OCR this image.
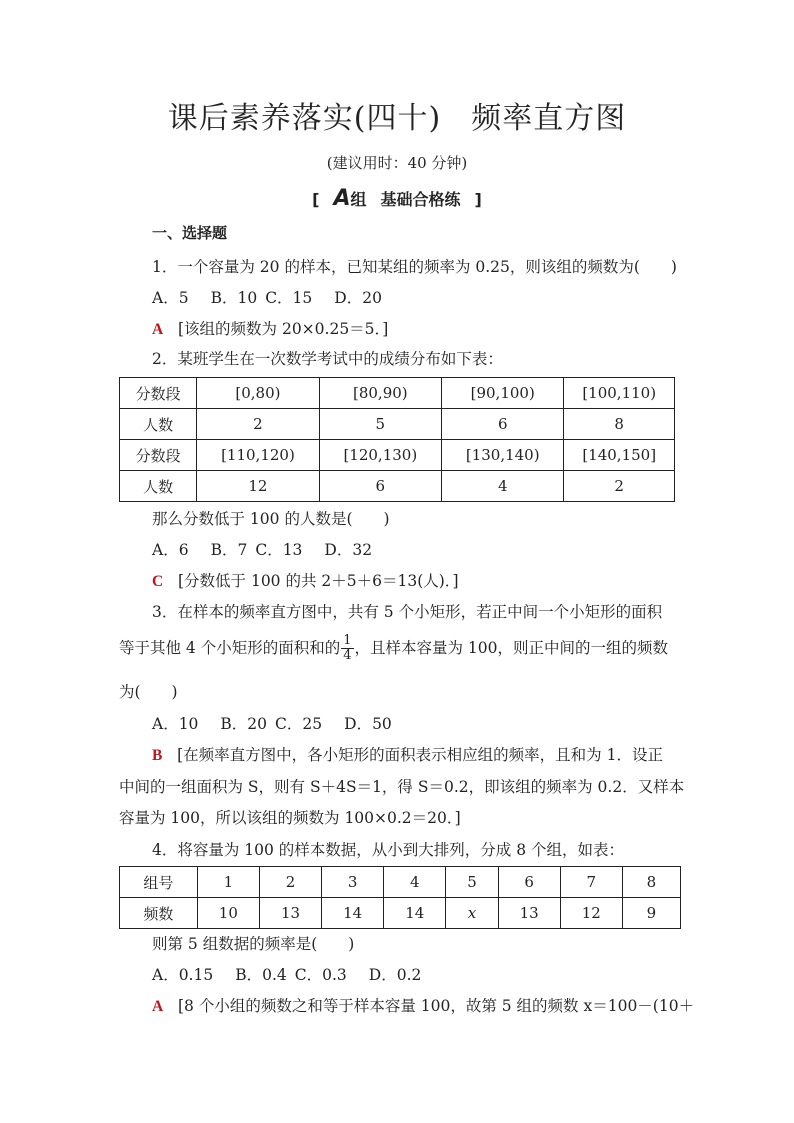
课后素养落实(四十) 频率直方图
(建议用时：40 分钟)
[ A组 基础合格练 ]
一、选择题
1．一个容量为 20 的样本，已知某组的频率为 0.25，则该组的频数为(　　)
A．5 B．10 C．15 D．20
A [该组的频数为 20×0.25＝5．]
2．某班学生在一次数学考试中的成绩分布如下表：
分数段	[0,80)	[80,90)	[90,100)	[100,110)
人数	2	5	6	8
分数段	[110,120)	[120,130)	[130,140)	[140,150]
人数	12	6	4	2
那么分数低于 100 的人数是(　　)
A．6 B．7 C．13 D．32
C [分数低于 100 的共 2＋5＋6＝13(人)．]
3．在样本的频率直方图中，共有 5 个小矩形，若正中间一个小矩形的面积
等于其他 4 个小矩形的面积和的 $\frac{1}{4}$ ，且样本容量为 100，则正中间的一组的频数
为(　　)
A．10 B．20 C．25 D．50
B [在频率直方图中，各小矩形的面积表示相应组的频率，且和为 1．设正
中间的一组面积为 S，则有 S＋4S＝1，得 S＝0.2，即该组的频率为 0.2．又样本
容量为 100，所以该组的频数为 100×0.2＝20．]
4．将容量为 100 的样本数据，从小到大排列，分成 8 个组，如表：
组号	1	2	3	4	5	6	7	8
频数	10	13	14	14	x	13	12	9
则第 5 组数据的频率是(　　)
A．0.15 B．0.4 C．0.3 D．0.2
A [8 个小组的频数之和等于样本容量 100，故第 5 组的频数 x＝100－(10＋
